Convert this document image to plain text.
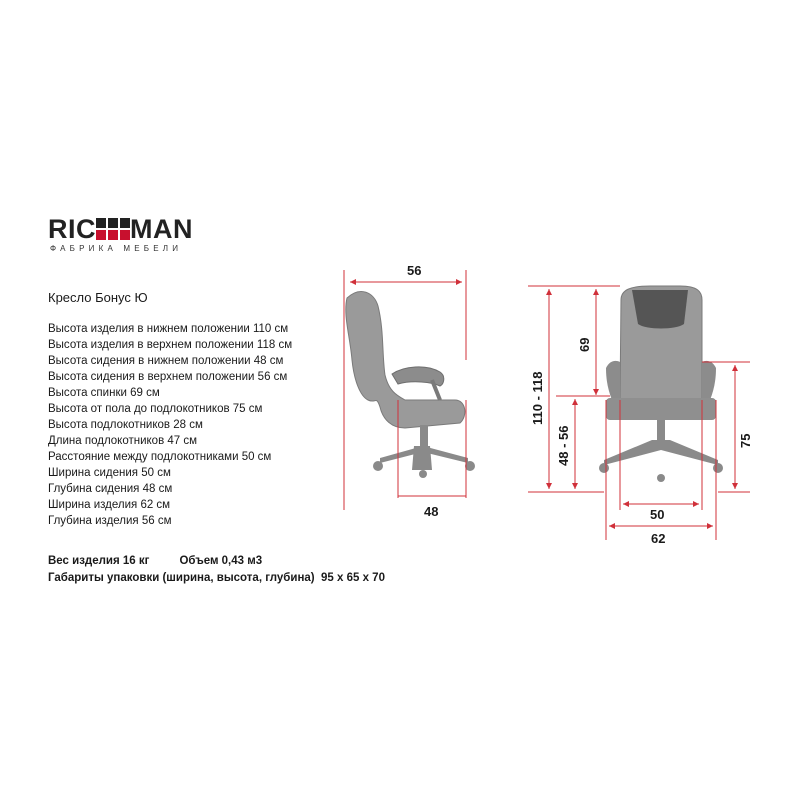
RIC MAN
ФАБРИКА МЕБЕЛИ
Кресло Бонус Ю
Высота изделия в нижнем положении 110 см
Высота изделия в верхнем положении 118 см
Высота сидения в нижнем положении 48 см
Высота сидения в верхнем положении 56 см
Высота спинки 69 см
Высота от пола до подлокотников 75 см
Высота подлокотников 28 см
Длина подлокотников 47 см
Расстояние между подлокотниками 50 см
Ширина сидения 50 см
Глубина сидения 48 см
Ширина изделия 62 см
Глубина изделия 56 см
Вес изделия 16 кг	Объем 0,43 м3
Габариты упаковки (ширина, высота, глубина) 95 х 65 х 70
56
48
110 - 118
69
48 - 56	75
50
62
